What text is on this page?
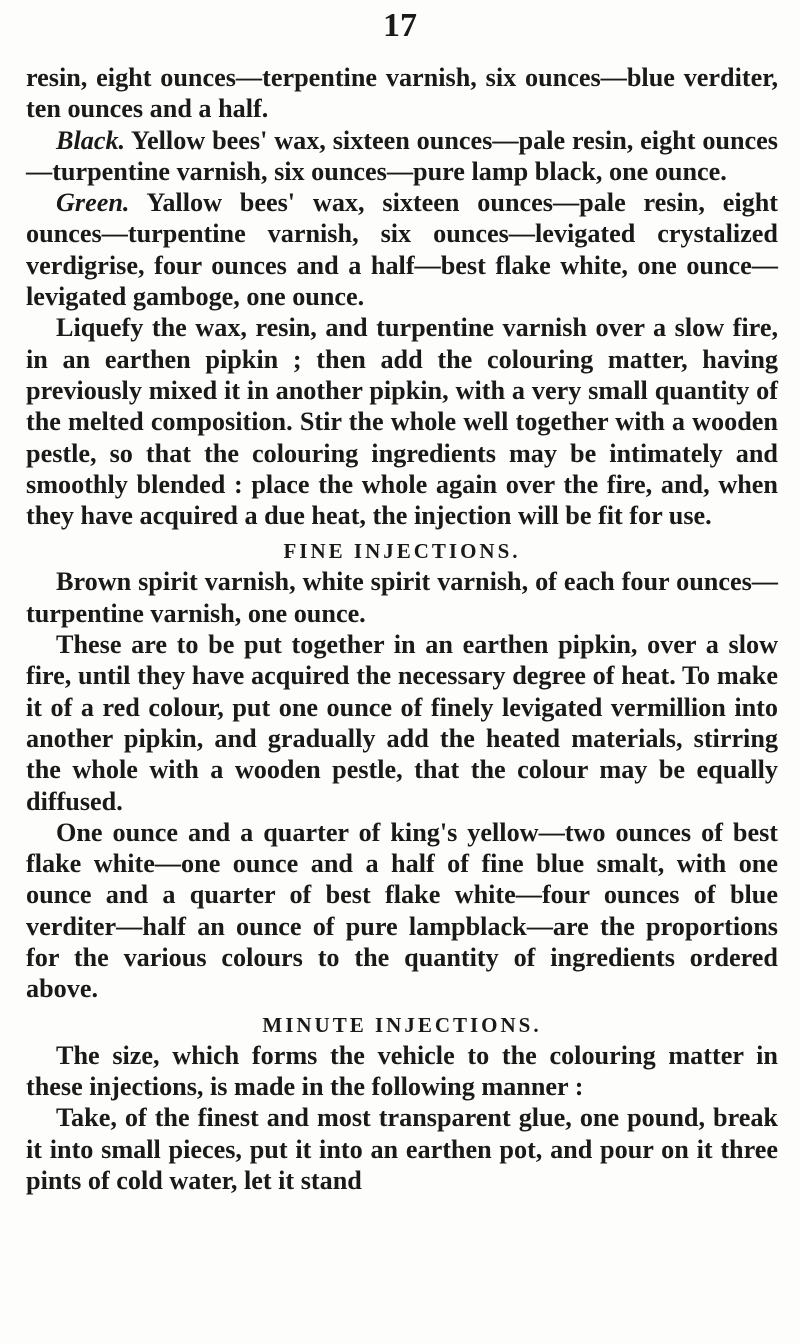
17

resin, eight ounces—terpentine varnish, six ounces—blue verditer, ten ounces and a half.

Black. Yellow bees' wax, sixteen ounces—pale resin, eight ounces—turpentine varnish, six ounces—pure lamp black, one ounce.

Green. Yallow bees' wax, sixteen ounces—pale resin, eight ounces—turpentine varnish, six ounces—levigated crystalized verdigrise, four ounces and a half—best flake white, one ounce—levigated gamboge, one ounce.

Liquefy the wax, resin, and turpentine varnish over a slow fire, in an earthen pipkin ; then add the colouring matter, having previously mixed it in another pipkin, with a very small quantity of the melted composition. Stir the whole well together with a wooden pestle, so that the colouring ingredients may be intimately and smoothly blended : place the whole again over the fire, and, when they have acquired a due heat, the injection will be fit for use.

FINE INJECTIONS.

Brown spirit varnish, white spirit varnish, of each four ounces—turpentine varnish, one ounce.

These are to be put together in an earthen pipkin, over a slow fire, until they have acquired the necessary degree of heat. To make it of a red colour, put one ounce of finely levigated vermillion into another pipkin, and gradually add the heated materials, stirring the whole with a wooden pestle, that the colour may be equally diffused.

One ounce and a quarter of king's yellow—two ounces of best flake white—one ounce and a half of fine blue smalt, with one ounce and a quarter of best flake white—four ounces of blue verditer—half an ounce of pure lampblack—are the proportions for the various colours to the quantity of ingredients ordered above.

MINUTE INJECTIONS.

The size, which forms the vehicle to the colouring matter in these injections, is made in the following manner :

Take, of the finest and most transparent glue, one pound, break it into small pieces, put it into an earthen pot, and pour on it three pints of cold water, let it stand
